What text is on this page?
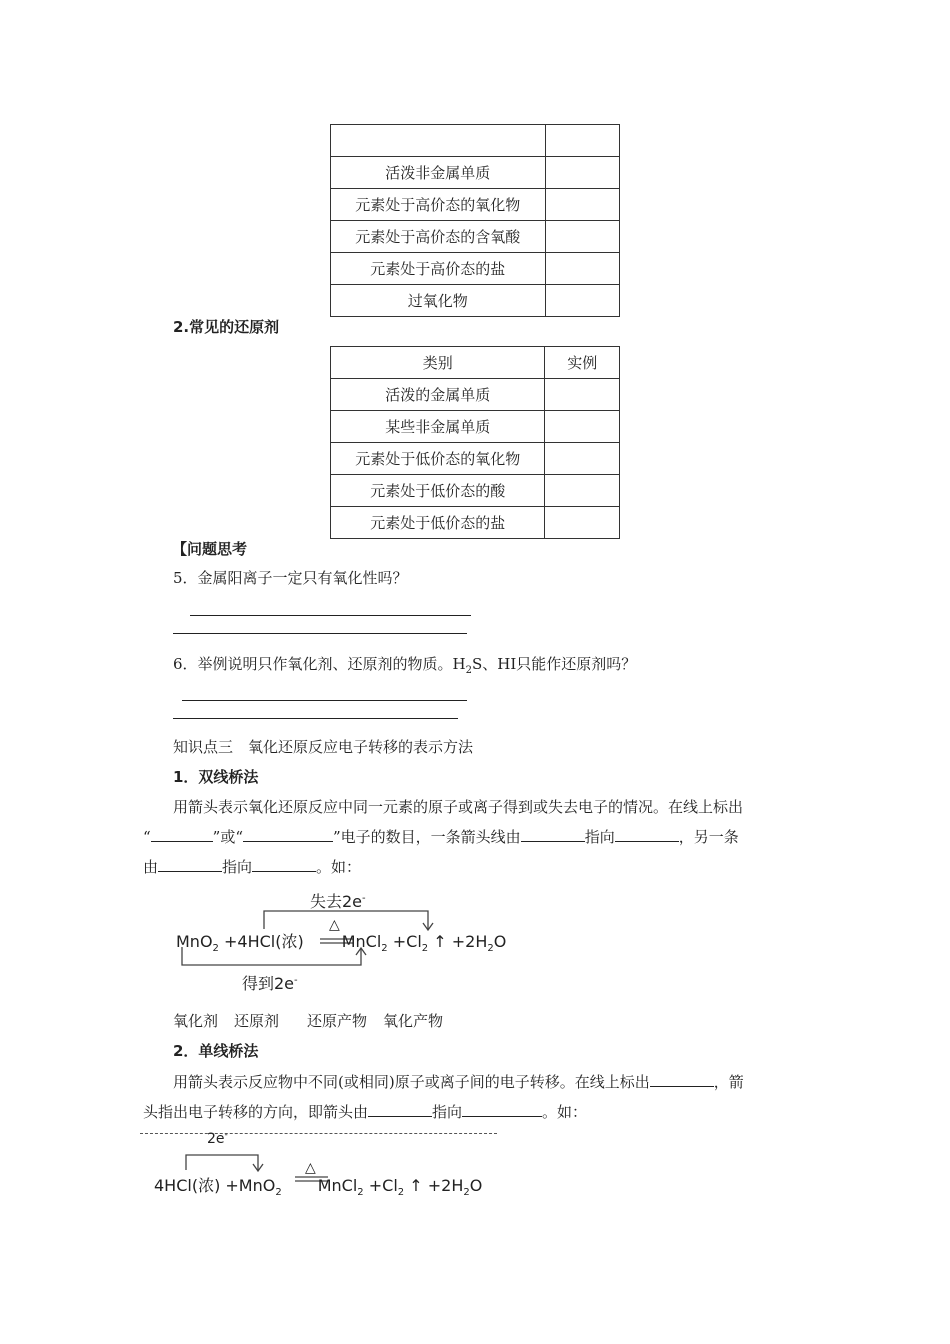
活泼非金属单质	
元素处于高价态的氧化物	
元素处于高价态的含氧酸	
元素处于高价态的盐	
过氧化物	
2.常见的还原剂
类别	实例
活泼的金属单质	
某些非金属单质	
元素处于低价态的氧化物	
元素处于低价态的酸	
元素处于低价态的盐	
【问题思考
5．金属阳离子一定只有氧化性吗？
6．举例说明只作氧化剂、还原剂的物质。$H_2S$、HI只能作还原剂吗？
知识点三　氧化还原反应电子转移的表示方法
1．双线桥法
用箭头表示氧化还原反应中同一元素的原子或离子得到或失去电子的情况。在线上标出
“	”或“	”电子的数目，一条箭头线由	指向	，另一条
由	指向	。如：
失去2e-
△
MnO$_2$ +4HCl(浓) MnCl$_2$ $+Cl_2$ ↑ $+2H_2O$
得到2e-
氧化剂 还原剂 还原产物 氧化产物
2．单线桥法
用箭头表示反应物中不同(或相同)原子或离子间的电子转移。在线上标出	，箭
头指出电子转移的方向，即箭头由	指向	。如：
2e-
△
4HCl(浓) +MnO$_2$ MnCl$_2$ $+Cl_2$ ↑ $+2H_2O$
